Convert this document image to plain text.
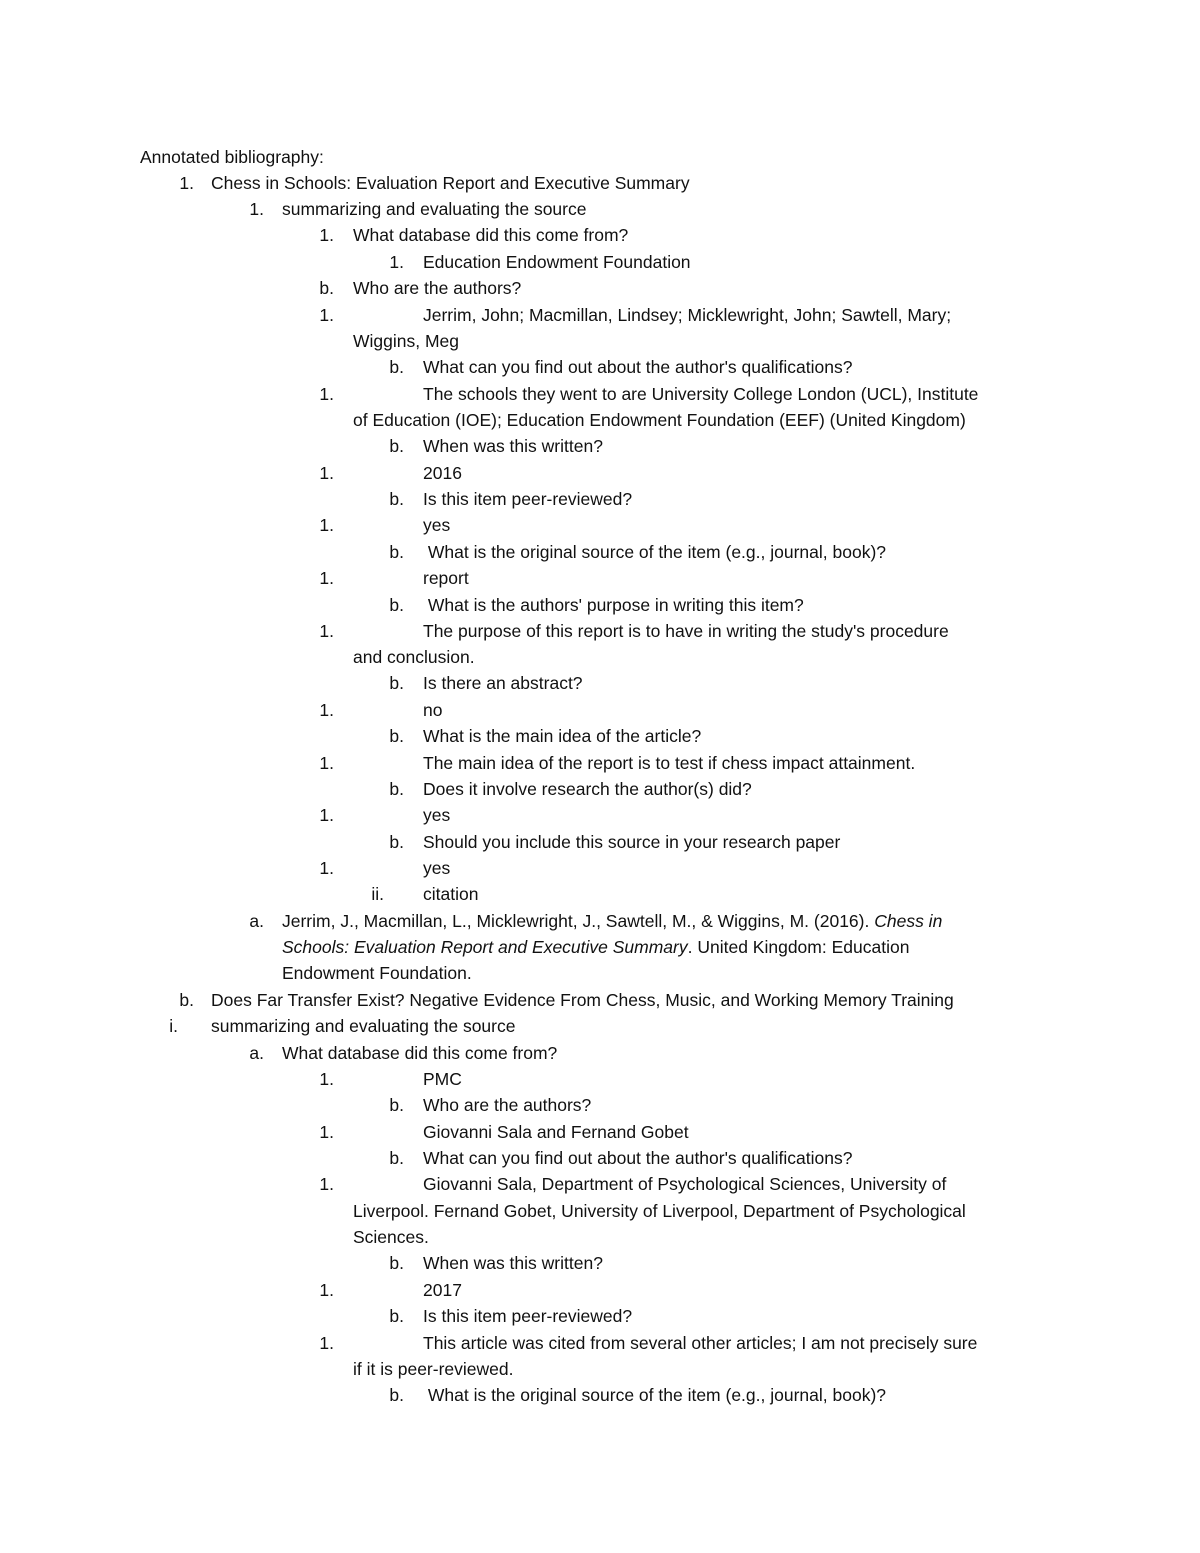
Annotated bibliography:
1. Chess in Schools: Evaluation Report and Executive Summary
1. summarizing and evaluating the source
1. What database did this come from?
1. Education Endowment Foundation
b. Who are the authors?
1.	Jerrim, John; Macmillan, Lindsey; Micklewright, John; Sawtell, Mary;
Wiggins, Meg
b. What can you find out about the author's qualifications?
1.	The schools they went to are University College London (UCL), Institute
of Education (IOE); Education Endowment Foundation (EEF) (United Kingdom)
b. When was this written?
1.	2016
b. Is this item peer-reviewed?
1.	yes
b. What is the original source of the item (e.g., journal, book)?
1.	report
b. What is the authors' purpose in writing this item?
1.	The purpose of this report is to have in writing the study's procedure
and conclusion.
b. Is there an abstract?
1.	no
b. What is the main idea of the article?
1.	The main idea of the report is to test if chess impact attainment.
b. Does it involve research the author(s) did?
1.	yes
b. Should you include this source in your research paper
1.	yes
ii. citation
a. Jerrim, J., Macmillan, L., Micklewright, J., Sawtell, M., & Wiggins, M. (2016). Chess in
Schools: Evaluation Report and Executive Summary. United Kingdom: Education
Endowment Foundation.
b. Does Far Transfer Exist? Negative Evidence From Chess, Music, and Working Memory Training
i. summarizing and evaluating the source
a. What database did this come from?
1.	PMC
b. Who are the authors?
1.	Giovanni Sala and Fernand Gobet
b. What can you find out about the author's qualifications?
1.	Giovanni Sala, Department of Psychological Sciences, University of
Liverpool. Fernand Gobet, University of Liverpool, Department of Psychological
Sciences.
b. When was this written?
1.	2017
b. Is this item peer-reviewed?
1.	This article was cited from several other articles; I am not precisely sure
if it is peer-reviewed.
b. What is the original source of the item (e.g., journal, book)?
